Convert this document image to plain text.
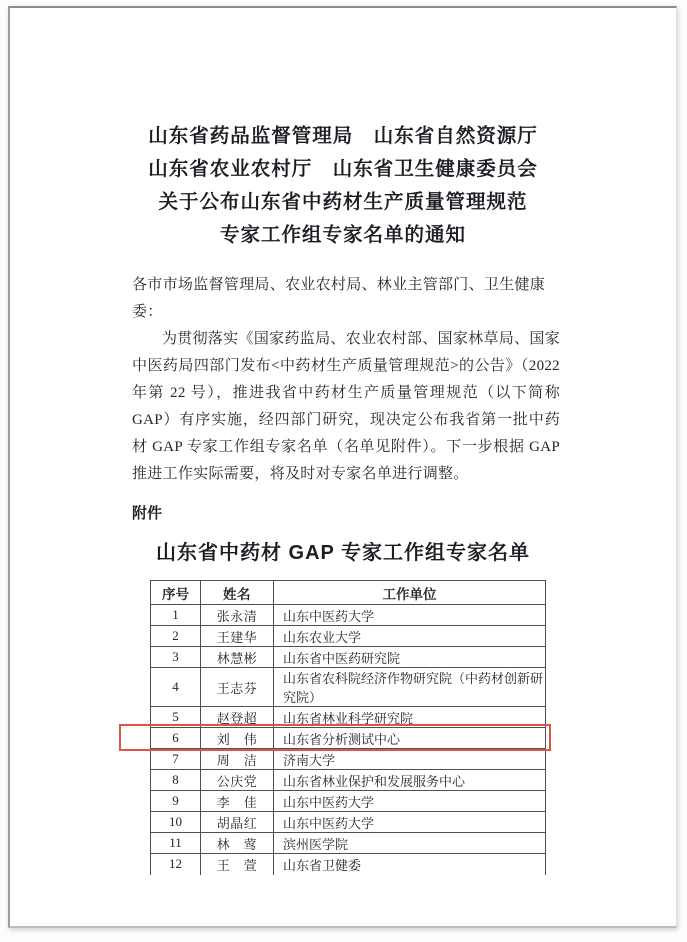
山东省药品监督管理局　山东省自然资源厅
山东省农业农村厅　山东省卫生健康委员会
关于公布山东省中药材生产质量管理规范
专家工作组专家名单的通知
各市市场监督管理局、农业农村局、林业主管部门、卫生健康委：
为贯彻落实《国家药监局、农业农村部、国家林草局、国家中医药局四部门发布<中药材生产质量管理规范>的公告》（2022 年第 22 号），推进我省中药材生产质量管理规范（以下简称 GAP）有序实施，经四部门研究，现决定公布我省第一批中药材 GAP 专家工作组专家名单（名单见附件）。下一步根据 GAP 推进工作实际需要，将及时对专家名单进行调整。
附件
山东省中药材 GAP 专家工作组专家名单
序号	姓名	工作单位
1	张永清	山东中医药大学
2	王建华	山东农业大学
3	林慧彬	山东省中医药研究院
4	王志芬	山东省农科院经济作物研究院（中药材创新研究院）
5	赵登超	山东省林业科学研究院
6	刘　伟	山东省分析测试中心
7	周　洁	济南大学
8	公庆党	山东省林业保护和发展服务中心
9	李　佳	山东中医药大学
10	胡晶红	山东中医药大学
11	林　莺	滨州医学院
12	王　萱	山东省卫健委
